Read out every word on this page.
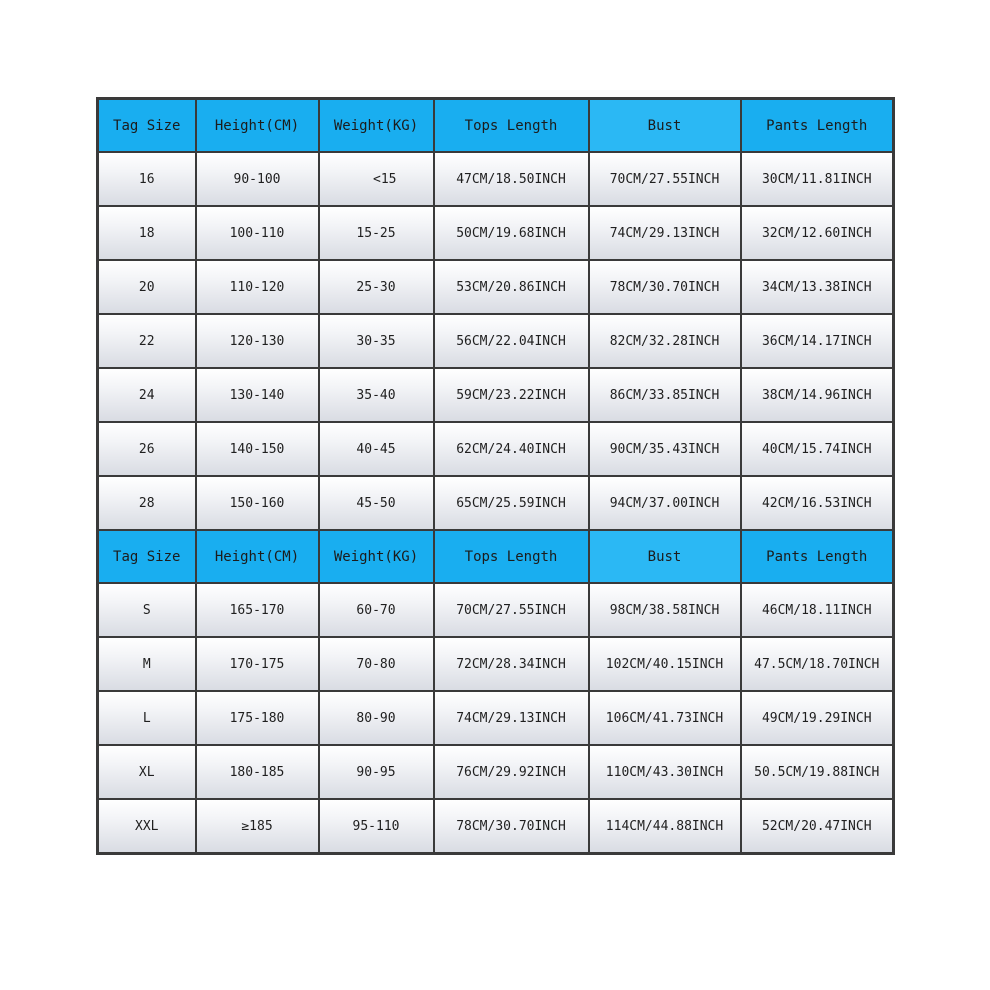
Tag Size	Height(CM)	Weight(KG)	Tops Length	Bust	Pants Length
16	90-100	<15	47CM/18.50INCH	70CM/27.55INCH	30CM/11.81INCH
18	100-110	15-25	50CM/19.68INCH	74CM/29.13INCH	32CM/12.60INCH
20	110-120	25-30	53CM/20.86INCH	78CM/30.70INCH	34CM/13.38INCH
22	120-130	30-35	56CM/22.04INCH	82CM/32.28INCH	36CM/14.17INCH
24	130-140	35-40	59CM/23.22INCH	86CM/33.85INCH	38CM/14.96INCH
26	140-150	40-45	62CM/24.40INCH	90CM/35.43INCH	40CM/15.74INCH
28	150-160	45-50	65CM/25.59INCH	94CM/37.00INCH	42CM/16.53INCH
Tag Size	Height(CM)	Weight(KG)	Tops Length	Bust	Pants Length
S	165-170	60-70	70CM/27.55INCH	98CM/38.58INCH	46CM/18.11INCH
M	170-175	70-80	72CM/28.34INCH	102CM/40.15INCH	47.5CM/18.70INCH
L	175-180	80-90	74CM/29.13INCH	106CM/41.73INCH	49CM/19.29INCH
XL	180-185	90-95	76CM/29.92INCH	110CM/43.30INCH	50.5CM/19.88INCH
XXL	≥185	95-110	78CM/30.70INCH	114CM/44.88INCH	52CM/20.47INCH
